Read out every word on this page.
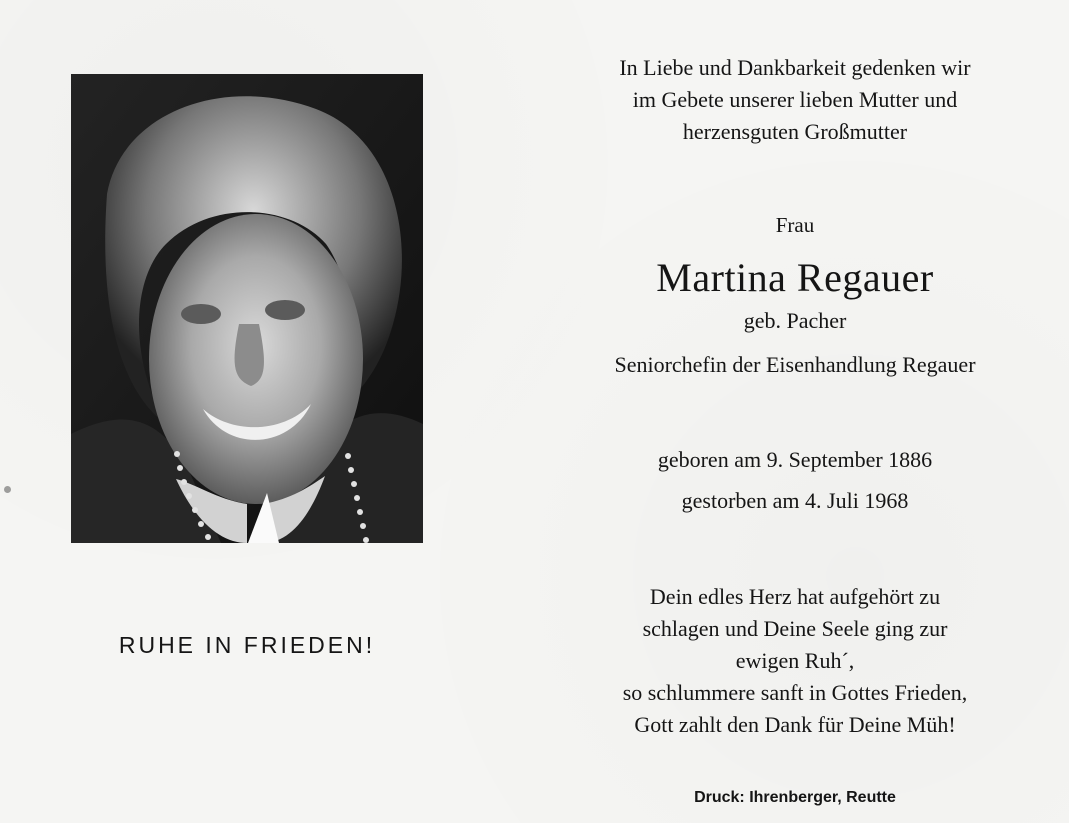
RUHE IN FRIEDEN!
In Liebe und Dankbarkeit gedenken wir
im Gebete unserer lieben Mutter und
herzensguten Großmutter
Frau
Martina Regauer
geb. Pacher
Seniorchefin der Eisenhandlung Regauer
geboren am 9. September 1886
gestorben am 4. Juli 1968
Dein edles Herz hat aufgehört zu
schlagen und Deine Seele ging zur
ewigen Ruh´,
so schlummere sanft in Gottes Frieden,
Gott zahlt den Dank für Deine Müh!
Druck: Ihrenberger, Reutte
